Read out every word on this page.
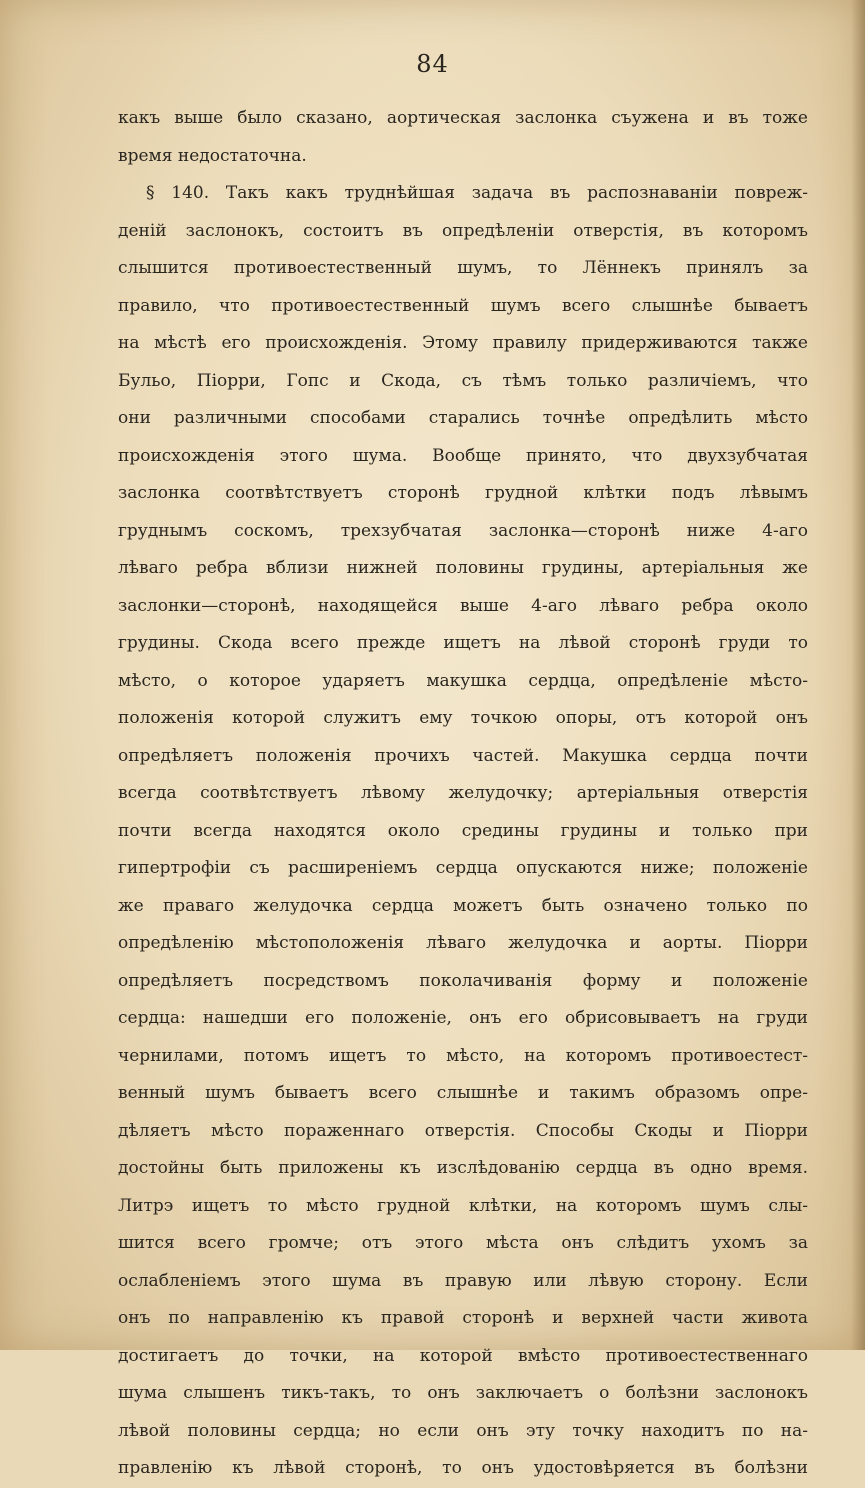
84
какъ выше было сказано, аортическая заслонка съужена и въ тоже
время недостаточна.
§ 140. Такъ какъ труднѣйшая задача въ распознаваніи повреж-
деній заслонокъ, состоитъ въ опредѣленіи отверстія, въ которомъ
слышится противоестественный шумъ, то Лённекъ принялъ за
правило, что противоестественный шумъ всего слышнѣе бываетъ
на мѣстѣ его происхожденія. Этому правилу придерживаются также
Бульо, Піорри, Гопс и Скода, съ тѣмъ только различіемъ, что
они различными способами старались точнѣе опредѣлить мѣсто
происхожденія этого шума. Вообще принято, что двухзубчатая
заслонка соотвѣтствуетъ сторонѣ грудной клѣтки подъ лѣвымъ
груднымъ соскомъ, трехзубчатая заслонка—сторонѣ ниже 4-аго
лѣваго ребра вблизи нижней половины грудины, артеріальныя же
заслонки—сторонѣ, находящейся выше 4-аго лѣваго ребра около
грудины. Скода всего прежде ищетъ на лѣвой сторонѣ груди то
мѣсто, о которое ударяетъ макушка сердца, опредѣленіе мѣсто-
положенія которой служитъ ему точкою опоры, отъ которой онъ
опредѣляетъ положенія прочихъ частей. Макушка сердца почти
всегда соотвѣтствуетъ лѣвому желудочку; артеріальныя отверстія
почти всегда находятся около средины грудины и только при
гипертрофіи съ расширеніемъ сердца опускаются ниже; положеніе
же праваго желудочка сердца можетъ быть означено только по
опредѣленію мѣстоположенія лѣваго желудочка и аорты. Піорри
опредѣляетъ посредствомъ поколачиванія форму и положеніе
сердца: нашедши его положеніе, онъ его обрисовываетъ на груди
чернилами, потомъ ищетъ то мѣсто, на которомъ противоестест-
венный шумъ бываетъ всего слышнѣе и такимъ образомъ опре-
дѣляетъ мѣсто пораженнаго отверстія. Способы Скоды и Піорри
достойны быть приложены къ изслѣдованію сердца въ одно время.
Литрэ ищетъ то мѣсто грудной клѣтки, на которомъ шумъ слы-
шится всего громче; отъ этого мѣста онъ слѣдитъ ухомъ за
ослабленіемъ этого шума въ правую или лѣвую сторону. Если
онъ по направленію къ правой сторонѣ и верхней части живота
достигаетъ до точки, на которой вмѣсто противоестественнаго
шума слышенъ тикъ-такъ, то онъ заключаетъ о болѣзни заслонокъ
лѣвой половины сердца; но если онъ эту точку находитъ по на-
правленію къ лѣвой сторонѣ, то онъ удостовѣряется въ болѣзни
